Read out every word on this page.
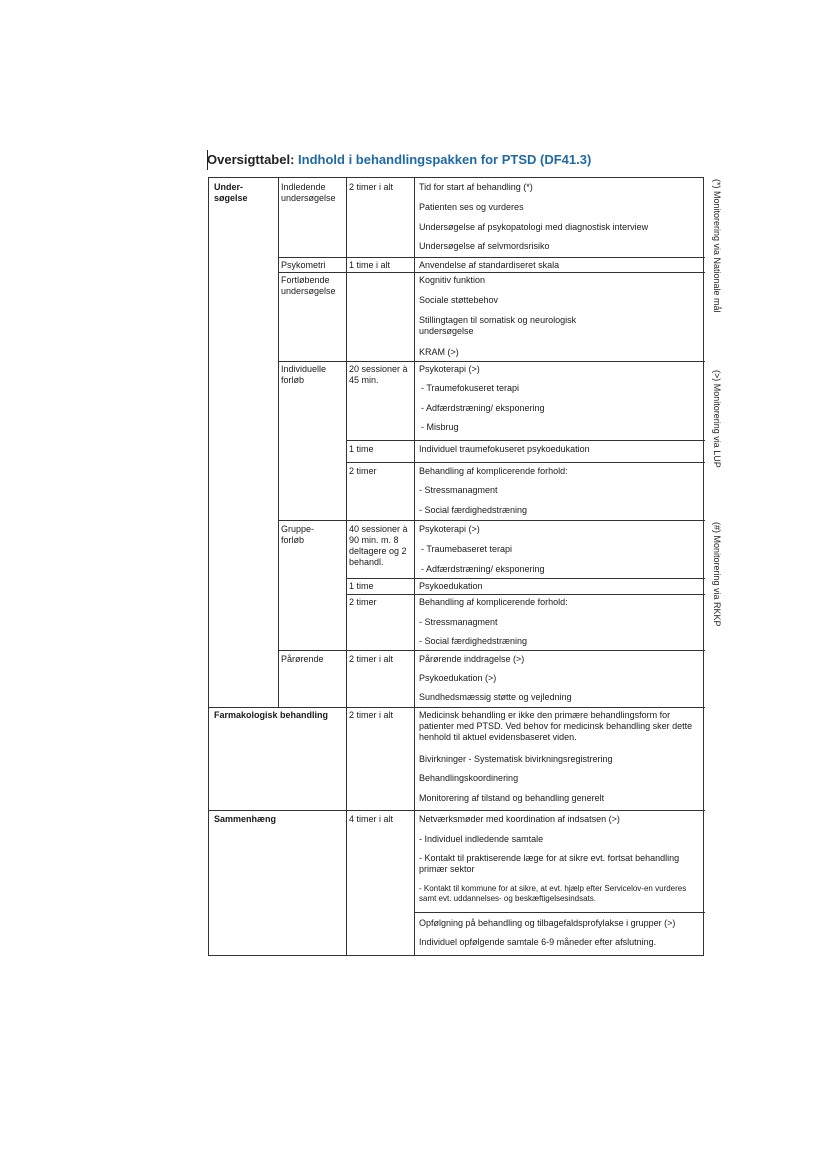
Oversigttabel: Indhold i behandlingspakken for PTSD (DF41.3)
Under-
søgelse
Farmakologisk behandling
Sammenhæng
Indledende undersøgelse
Psykometri
Fortløbende undersøgelse
Individuelle forløb
Gruppe-
forløb
Pårørende
2 timer i alt
1 time i alt
20 sessioner à 45 min.
1 time
2 timer
40 sessioner à 90 min. m. 8 deltagere og 2 behandl.
1 time
2 timer
2 timer i alt
2 timer i alt
4 timer i alt
Tid for start af behandling (*)
Patienten ses og vurderes
Undersøgelse af psykopatologi med diagnostisk interview
Undersøgelse af selvmordsrisiko
Anvendelse af standardiseret skala
Kognitiv funktion
Sociale støttebehov
Stillingtagen til somatisk og neurologisk undersøgelse
KRAM (>)
Psykoterapi (>)
- Traumefokuseret terapi
- Adfærdstræning/ eksponering
- Misbrug
Individuel traumefokuseret psykoedukation
Behandling af komplicerende forhold:
- Stressmanagment
- Social færdighedstræning
Psykoterapi (>)
- Traumebaseret terapi
- Adfærdstræning/ eksponering
Psykoedukation
Behandling af komplicerende forhold:
- Stressmanagment
- Social færdighedstræning
Pårørende inddragelse (>)
Psykoedukation (>)
Sundhedsmæssig støtte og vejledning
Medicinsk behandling er ikke den primære behandlingsform for patienter med PTSD. Ved behov for medicinsk behandling sker dette henhold til aktuel evidensbaseret viden.
Bivirkninger - Systematisk bivirkningsregistrering
Behandlingskoordinering
Monitorering af tilstand og behandling generelt
Netværksmøder med koordination af indsatsen (>)
- Individuel indledende samtale
- Kontakt til praktiserende læge for at sikre evt. fortsat behandling primær sektor
- Kontakt til kommune for at sikre, at evt. hjælp efter Servicelov-en vurderes samt evt. uddannelses- og beskæftigelsesindsats.
Opfølgning på behandling og tilbagefaldsprofylakse i grupper (>)
Individuel opfølgende samtale 6-9 måneder efter afslutning.
(*) Monitorering via Nationale mål
(>) Monitorering via LUP
(#) Monitorering via RKKP
